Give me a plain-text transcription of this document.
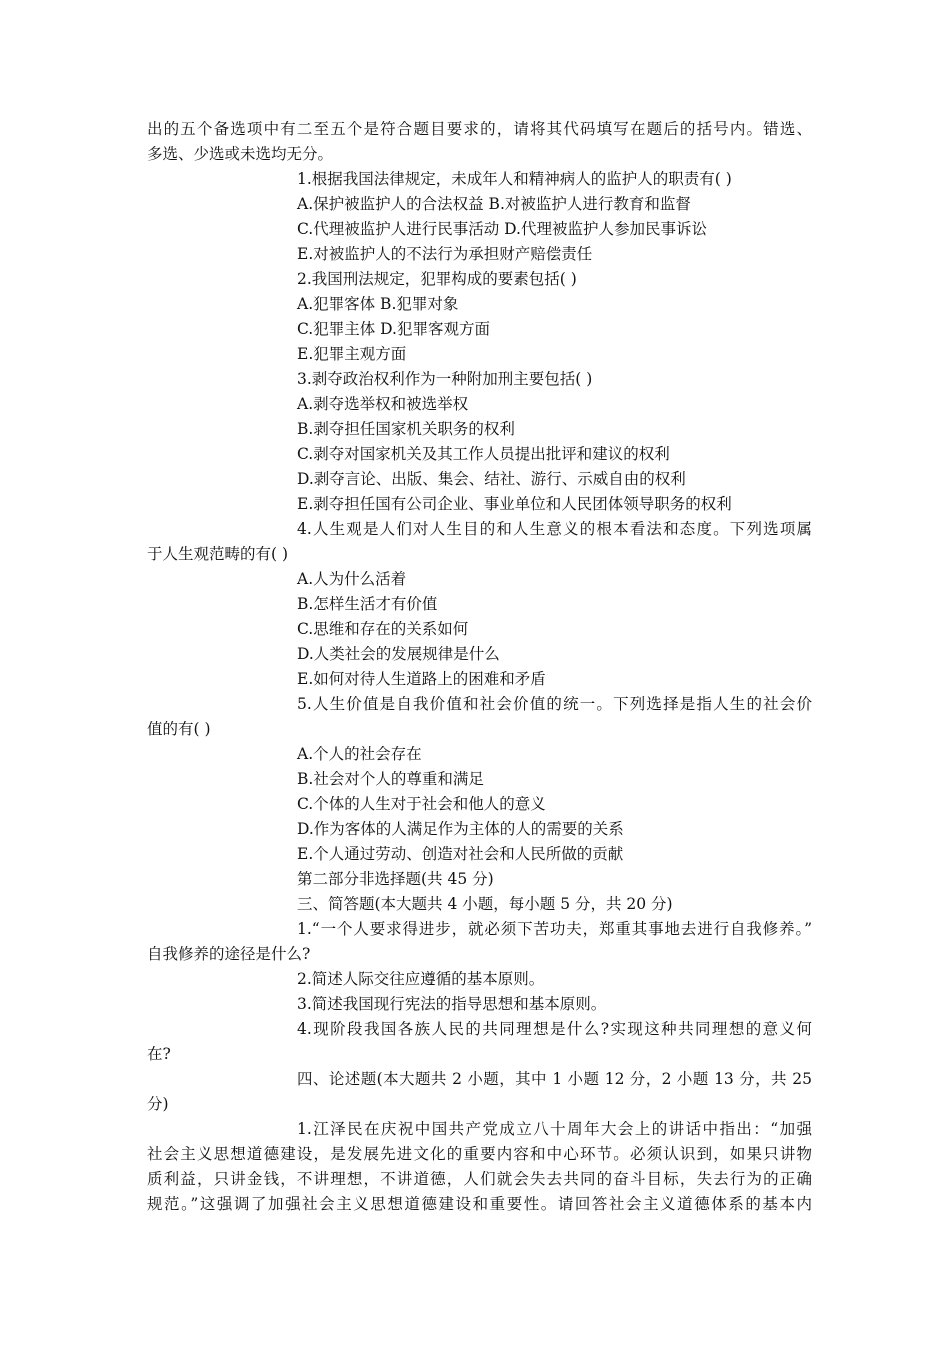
出的五个备选项中有二至五个是符合题目要求的，请将其代码填写在题后的括号内。错选、
多选、少选或未选均无分。
1.根据我国法律规定，未成年人和精神病人的监护人的职责有( )
A.保护被监护人的合法权益 B.对被监护人进行教育和监督
C.代理被监护人进行民事活动 D.代理被监护人参加民事诉讼
E.对被监护人的不法行为承担财产赔偿责任
2.我国刑法规定，犯罪构成的要素包括( )
A.犯罪客体 B.犯罪对象
C.犯罪主体 D.犯罪客观方面
E.犯罪主观方面
3.剥夺政治权利作为一种附加刑主要包括( )
A.剥夺选举权和被选举权
B.剥夺担任国家机关职务的权利
C.剥夺对国家机关及其工作人员提出批评和建议的权利
D.剥夺言论、出版、集会、结社、游行、示威自由的权利
E.剥夺担任国有公司企业、事业单位和人民团体领导职务的权利
4.人生观是人们对人生目的和人生意义的根本看法和态度。下列选项属
于人生观范畴的有( )
A.人为什么活着
B.怎样生活才有价值
C.思维和存在的关系如何
D.人类社会的发展规律是什么
E.如何对待人生道路上的困难和矛盾
5.人生价值是自我价值和社会价值的统一。下列选择是指人生的社会价
值的有( )
A.个人的社会存在
B.社会对个人的尊重和满足
C.个体的人生对于社会和他人的意义
D.作为客体的人满足作为主体的人的需要的关系
E.个人通过劳动、创造对社会和人民所做的贡献
第二部分非选择题(共 45 分)
三、简答题(本大题共 4 小题，每小题 5 分，共 20 分)
1.“一个人要求得进步，就必须下苦功夫，郑重其事地去进行自我修养。”
自我修养的途径是什么?
2.简述人际交往应遵循的基本原则。
3.简述我国现行宪法的指导思想和基本原则。
4.现阶段我国各族人民的共同理想是什么?实现这种共同理想的意义何
在?
四、论述题(本大题共 2 小题，其中 1 小题 12 分，2 小题 13 分，共 25
分)
1.江泽民在庆祝中国共产党成立八十周年大会上的讲话中指出：“加强
社会主义思想道德建设，是发展先进文化的重要内容和中心环节。必须认识到，如果只讲物
质利益，只讲金钱，不讲理想，不讲道德，人们就会失去共同的奋斗目标，失去行为的正确
规范。”这强调了加强社会主义思想道德建设和重要性。请回答社会主义道德体系的基本内
